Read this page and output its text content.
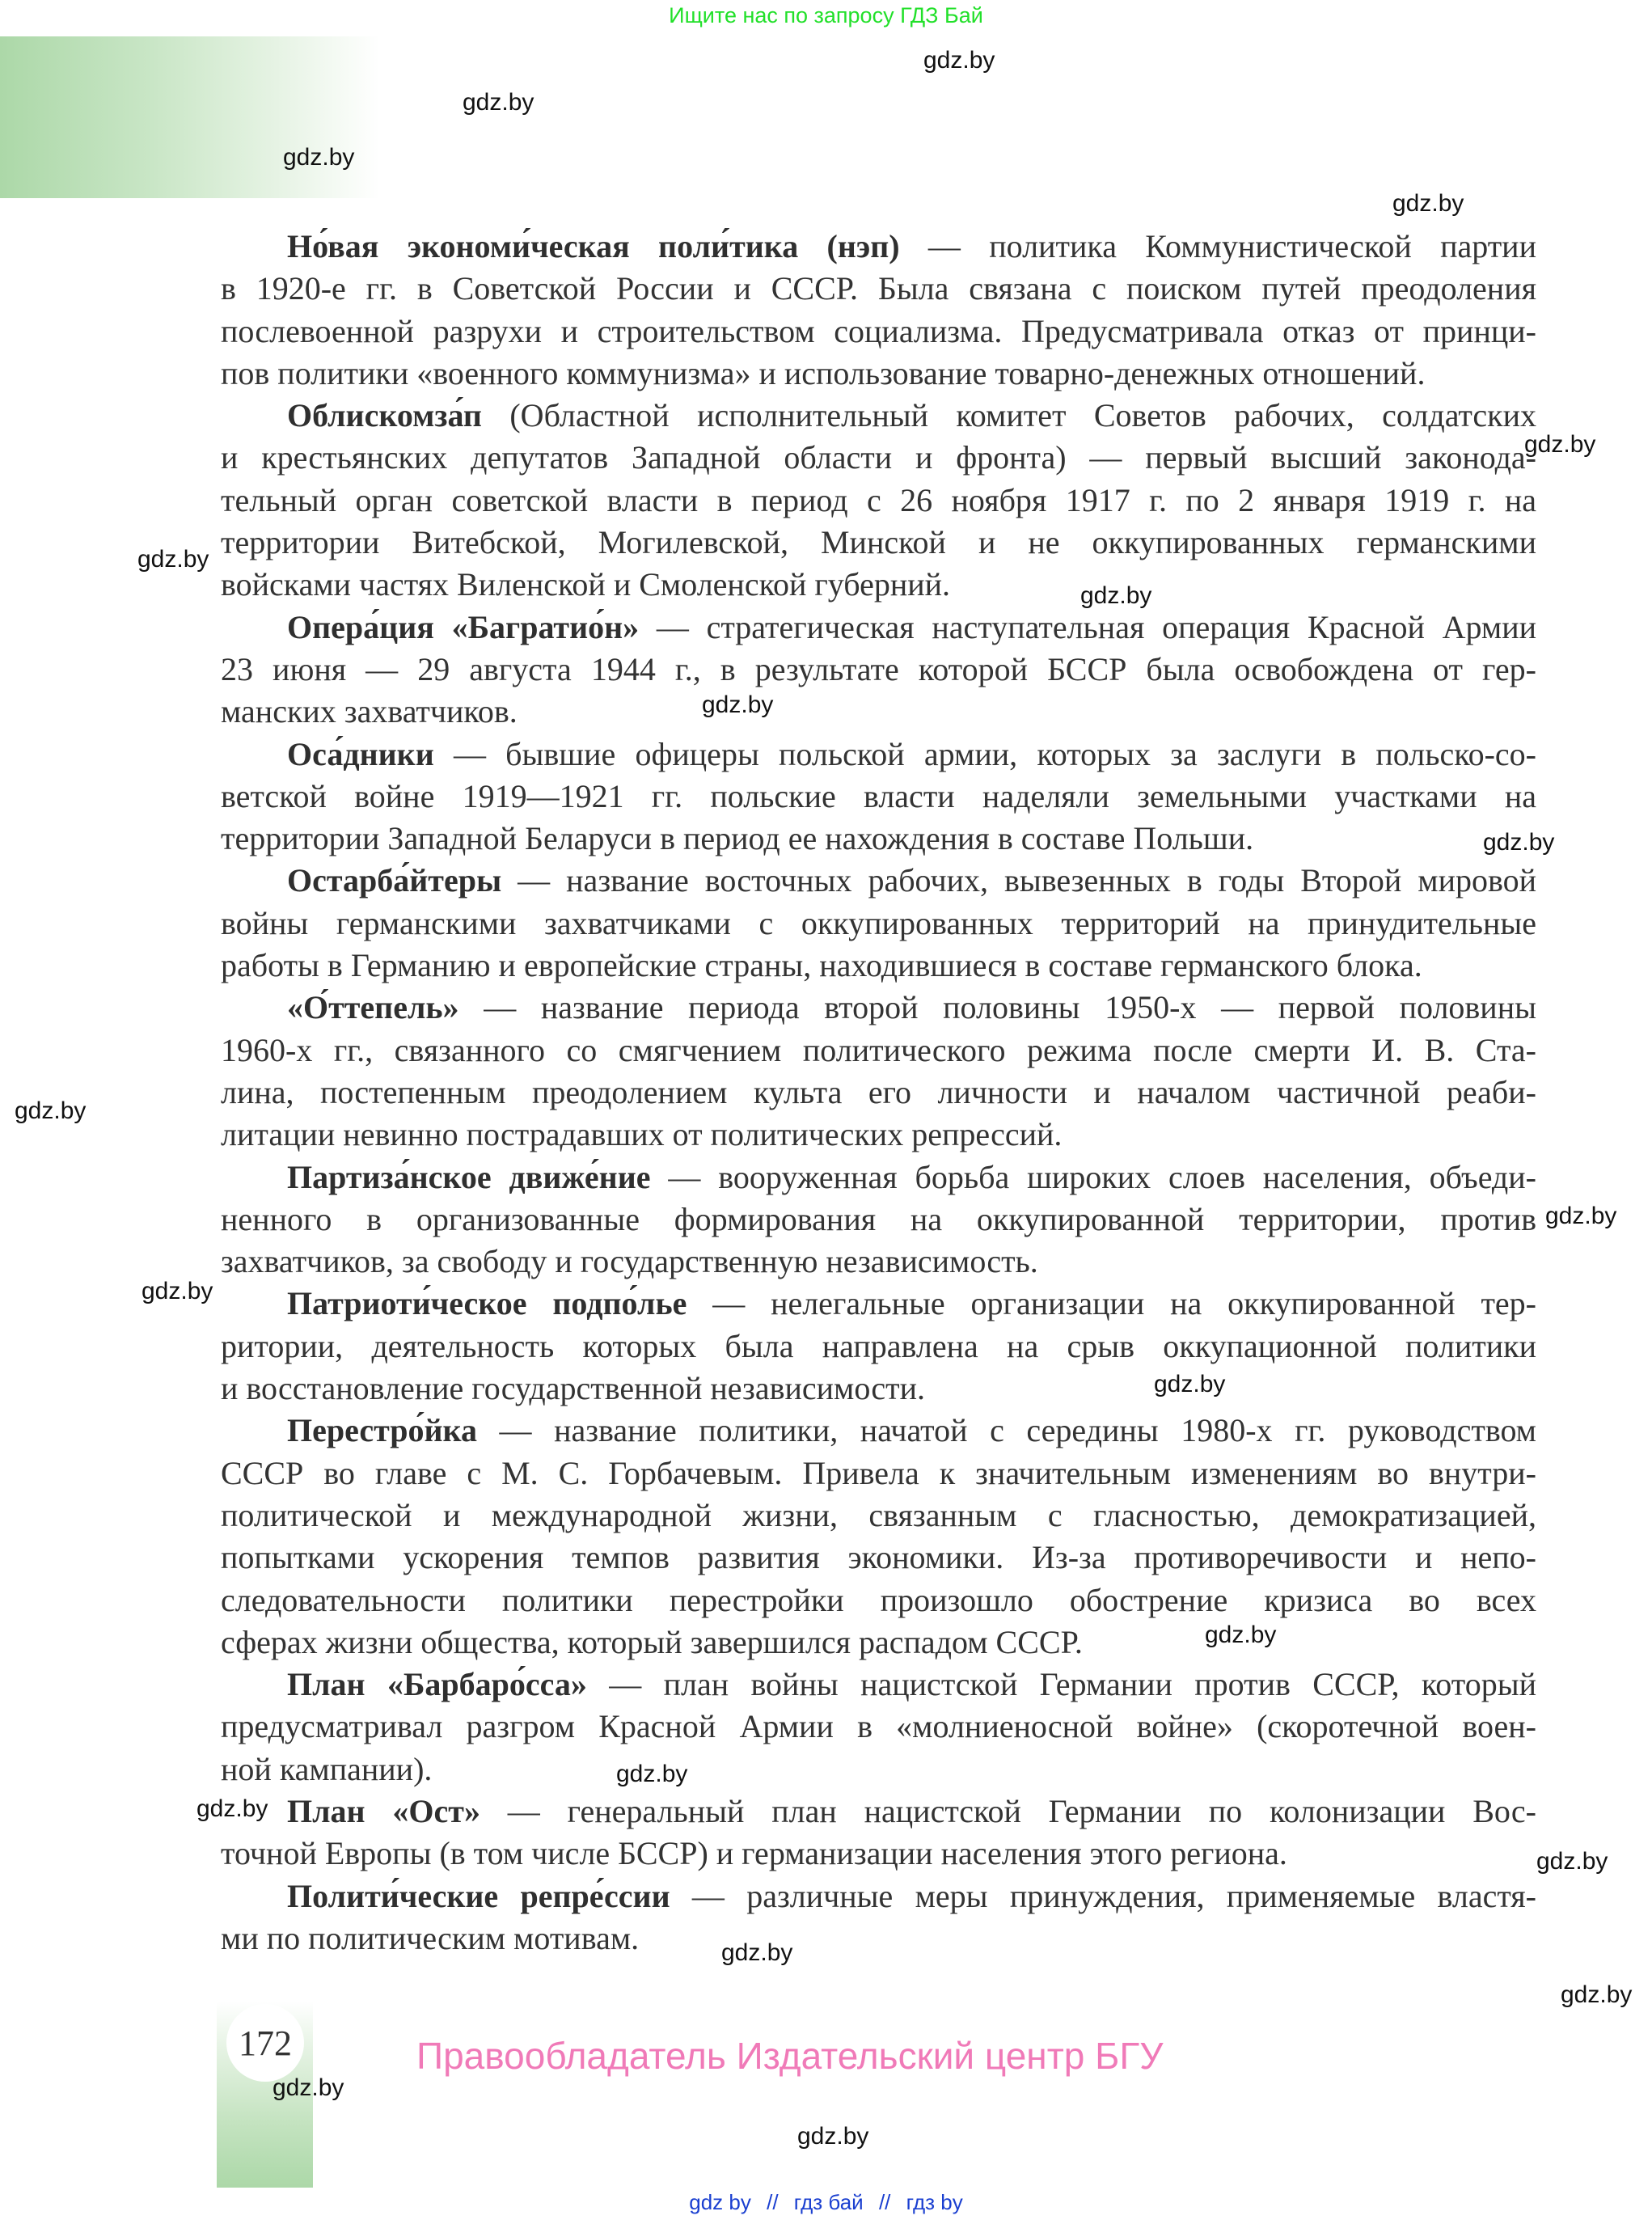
Ищите нас по запросу ГДЗ Бай
Но́вая экономи́ческая поли́тика (нэп) — политика Коммунистической партии
в 1920-е гг. в Советской России и СССР. Была связана с поиском путей преодоления
послевоенной разрухи и строительством социализма. Предусматривала отказ от принци-
пов политики «военного коммунизма» и использование товарно-денежных отношений.
Облискомза́п (Областной исполнительный комитет Советов рабочих, солдатских
и крестьянских депутатов Западной области и фронта) — первый высший законода-
тельный орган советской власти в период с 26 ноября 1917 г. по 2 января 1919 г. на
территории Витебской, Могилевской, Минской и не оккупированных германскими
войсками частях Виленской и Смоленской губерний.
Опера́ция «Багратио́н» — стратегическая наступательная операция Красной Армии
23 июня — 29 августа 1944 г., в результате которой БССР была освобождена от гер-
манских захватчиков.
Оса́дники — бывшие офицеры польской армии, которых за заслуги в польско-со-
ветской войне 1919—1921 гг. польские власти наделяли земельными участками на
территории Западной Беларуси в период ее нахождения в составе Польши.
Остарба́йтеры — название восточных рабочих, вывезенных в годы Второй мировой
войны германскими захватчиками с оккупированных территорий на принудительные
работы в Германию и европейские страны, находившиеся в составе германского блока.
«О́ттепель» — название периода второй половины 1950-х — первой половины
1960-х гг., связанного со смягчением политического режима после смерти И. В. Ста-
лина, постепенным преодолением культа его личности и началом частичной реаби-
литации невинно пострадавших от политических репрессий.
Партиза́нское движе́ние — вооруженная борьба широких слоев населения, объеди-
ненного в организованные формирования на оккупированной территории, против
захватчиков, за свободу и государственную независимость.
Патриоти́ческое подпо́лье — нелегальные организации на оккупированной тер-
ритории, деятельность которых была направлена на срыв оккупационной политики
и восстановление государственной независимости.
Перестро́йка — название политики, начатой с середины 1980-х гг. руководством
СССР во главе с М. С. Горбачевым. Привела к значительным изменениям во внутри-
политической и международной жизни, связанным с гласностью, демократизацией,
попытками ускорения темпов развития экономики. Из-за противоречивости и непо-
следовательности политики перестройки произошло обострение кризиса во всех
сферах жизни общества, который завершился распадом СССР.
План «Барбаро́сса» — план войны нацистской Германии против СССР, который
предусматривал разгром Красной Армии в «молниеносной войне» (скоротечной воен-
ной кампании).
План «Ост» — генеральный план нацистской Германии по колонизации Вос-
точной Европы (в том числе БССР) и германизации населения этого региона.
Полити́ческие репре́ссии — различные меры принуждения, применяемые властя-
ми по политическим мотивам.
172	Правообладатель Издательский центр БГУ
gdz.by
gdz.by
gdz.by
gdz.by
gdz.by
gdz.by
gdz.by
gdz.by
gdz.by
gdz.by
gdz.by
gdz.by
gdz.by
gdz.by
gdz.by
gdz.by
gdz.by
gdz.by
gdz.by
gdz.by
gdz.by
gdz by // гдз бай // гдз by
